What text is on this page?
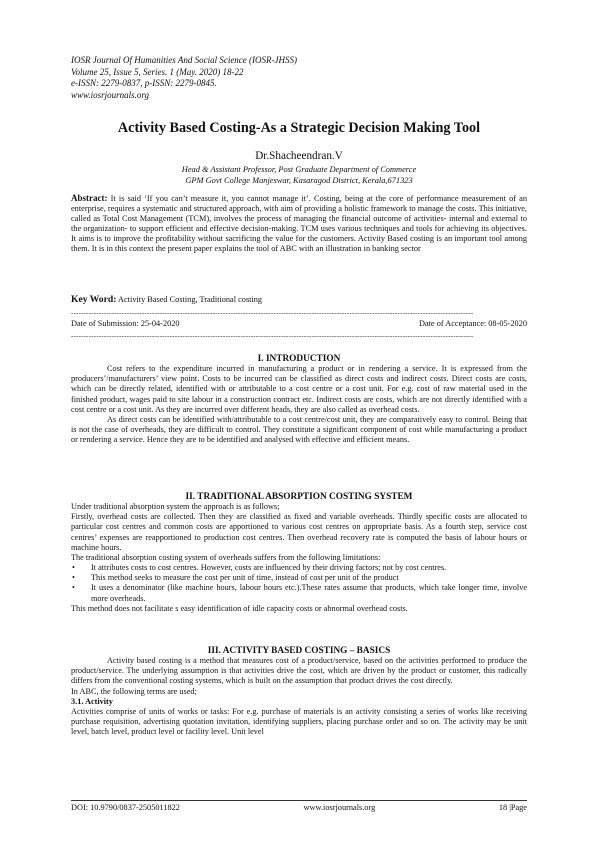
IOSR Journal Of Humanities And Social Science (IOSR-JHSS)
Volume 25, Issue 5, Series. 1 (May. 2020) 18-22
e-ISSN: 2279-0837, p-ISSN: 2279-0845.
www.iosrjournals.org
Activity Based Costing-As a Strategic Decision Making Tool
Dr.Shacheendran.V
Head & Assistant Professor, Post Graduate Department of Commerce
GPM Govt College Manjeswar, Kasaragod District, Kerala,671323
Abstract: It is said ‘If you can’t measure it, you cannot manage it’. Costing, being at the core of performance measurement of an enterprise, requires a systematic and structured approach, with aim of providing a holistic framework to manage the costs. This initiative, called as Total Cost Management (TCM), involves the process of managing the financial outcome of activities- internal and external to the organization- to support efficient and effective decision-making. TCM uses various techniques and tools for achieving its objectives. It aims is to improve the profitability without sacrificing the value for the customers. Activity Based costing is an important tool among them. It is in this context the present paper explains the tool of ABC with an illustration in banking sector
Key Word: Activity Based Costing, Traditional costing
---------------------------------------------------------------------------------------------------------------------------------------------------------------
Date of Submission: 25-04-2020	Date of Acceptance: 08-05-2020
---------------------------------------------------------------------------------------------------------------------------------------------------------------

I. INTRODUCTION

Cost refers to the expenditure incurred in manufacturing a product or in rendering a service. It is expressed from the producers’/manufacturers’ view point. Costs to be incurred can be classified as direct costs and indirect costs. Direct costs are costs, which can be directly related, identified with or attributable to a cost centre or a cost unit. For e.g. cost of raw material used in the finished product, wages paid to site labour in a construction contract etc. Indirect costs are costs, which are not directly identified with a cost centre or a cost unit. As they are incurred over different heads, they are also called as overhead costs.

As direct costs can be identified with/attributable to a cost centre/cost unit, they are comparatively easy to control. Being that is not the case of overheads, they are difficult to control. They constitute a significant component of cost while manufacturing a product or rendering a service. Hence they are to be identified and analysed with effective and efficient means.

II. TRADITIONAL ABSORPTION COSTING SYSTEM

Under traditional absorption system the approach is as follows;

Firstly, overhead costs are collected. Then they are classified as fixed and variable overheads. Thirdly specific costs are allocated to particular cost centres and common costs are apportioned to various cost centres on appropriate basis. As a fourth step, service cost centres’ expenses are reapportioned to production cost centres. Then overhead recovery rate is computed the basis of labour hours or machine hours.

The traditional absorption costing system of overheads suffers from the following limitations:

• It attributes costs to cost centres. However, costs are influenced by their driving factors; not by cost centres.
• This method seeks to measure the cost per unit of time, instead of cost per unit of the product
• It uses a denominator (like machine hours, labour hours etc.).These rates assume that products, which take longer time, involve more overheads.

This method does not facilitate s easy identification of idle capacity costs or abnormal overhead costs.

III. ACTIVITY BASED COSTING – BASICS

Activity based costing is a method that measures cost of a product/service, based on the activities performed to produce the product/service. The underlying assumption is that activities drive the cost, which are driven by the product or customer, this radically differs from the conventional costing systems, which is built on the assumption that product drives the cost directly.

In ABC, the following terms are used;

3.1. Activity

Activities comprise of units of works or tasks: For e.g. purchase of materials is an activity consisting a series of works like receiving purchase requisition, advertising quotation invitation, identifying suppliers, placing purchase order and so on. The activity may be unit level, batch level, product level or facility level. Unit level

DOI: 10.9790/0837-2505011822	www.iosrjournals.org	18 |Page
